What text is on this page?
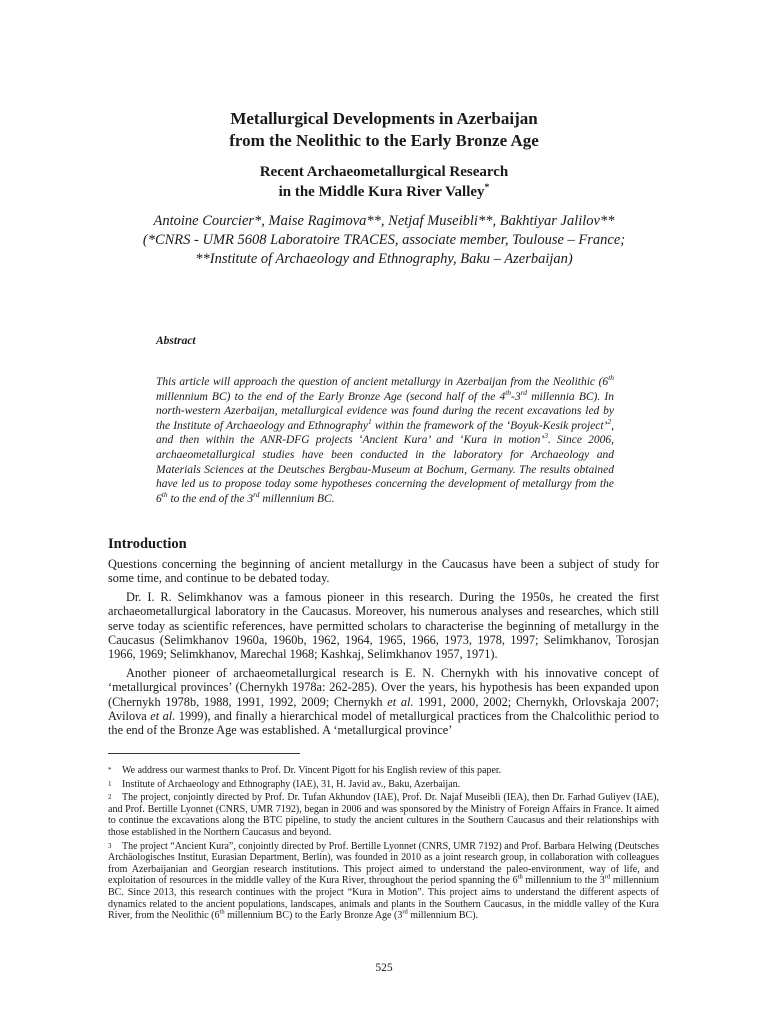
Metallurgical Developments in Azerbaijan
from the Neolithic to the Early Bronze Age
Recent Archaeometallurgical Research
in the Middle Kura River Valley*
Antoine Courcier*, Maise Ragimova**, Netjaf Museibli**, Bakhtiyar Jalilov**
(*CNRS - UMR 5608 Laboratoire TRACES, associate member, Toulouse – France;
**Institute of Archaeology and Ethnography, Baku – Azerbaijan)
Abstract
This article will approach the question of ancient metallurgy in Azerbaijan from the Neolithic (6th millennium BC) to the end of the Early Bronze Age (second half of the 4th-3rd millennia BC). In north-western Azerbaijan, metallurgical evidence was found during the recent excavations led by the Institute of Archaeology and Ethnography$^1$ within the framework of the ‘Boyuk-Kesik project’$^2$, and then within the ANR-DFG projects ‘Ancient Kura’ and ‘Kura in motion’$^3$. Since 2006, archaeometallurgical studies have been conducted in the laboratory for Archaeology and Materials Sciences at the Deutsches Bergbau-Museum at Bochum, Germany. The results obtained have led us to propose today some hypotheses concerning the development of metallurgy from the 6th to the end of the 3rd millennium BC.
Introduction

Questions concerning the beginning of ancient metallurgy in the Caucasus have been a subject of study for some time, and continue to be debated today.

Dr. I. R. Selimkhanov was a famous pioneer in this research. During the 1950s, he created the first archaeometallurgical laboratory in the Caucasus. Moreover, his numerous analyses and researches, which still serve today as scientific references, have permitted scholars to characterise the beginning of metallurgy in the Caucasus (Selimkhanov 1960a, 1960b, 1962, 1964, 1965, 1966, 1973, 1978, 1997; Selimkhanov, Torosjan 1966, 1969; Selimkhanov, Marechal 1968; Kashkaj, Selimkhanov 1957, 1971).

Another pioneer of archaeometallurgical research is E. N. Chernykh with his innovative concept of ‘metallurgical provinces’ (Chernykh 1978a: 262-285). Over the years, his hypothesis has been expanded upon (Chernykh 1978b, 1988, 1991, 1992, 2009; Chernykh et al. 1991, 2000, 2002; Chernykh, Orlovskaja 2007; Avilova et al. 1999), and finally a hierarchical model of metallurgical practices from the Chalcolithic period to the end of the Bronze Age was established. A ‘metallurgical province’

* We address our warmest thanks to Prof. Dr. Vincent Pigott for his English review of this paper.

1 Institute of Archaeology and Ethnography (IAE), 31, H. Javid av., Baku, Azerbaijan.

2 The project, conjointly directed by Prof. Dr. Tufan Akhundov (IAE), Prof. Dr. Najaf Museibli (IEA), then Dr. Farhad Guliyev (IAE), and Prof. Bertille Lyonnet (CNRS, UMR 7192), began in 2006 and was sponsored by the Ministry of Foreign Affairs in France. It aimed to continue the excavations along the BTC pipeline, to study the ancient cultures in the Southern Caucasus and their relationships with those established in the Northern Caucasus and beyond.

3 The project “Ancient Kura”, conjointly directed by Prof. Bertille Lyonnet (CNRS, UMR 7192) and Prof. Barbara Helwing (Deutsches Archäologisches Institut, Eurasian Department, Berlin), was founded in 2010 as a joint research group, in collaboration with colleagues from Azerbaijanian and Georgian research institutions. This project aimed to understand the paleo-environment, way of life, and exploitation of resources in the middle valley of the Kura River, throughout the period spanning the 6th millennium to the 3rd millennium BC. Since 2013, this research continues with the project “Kura in Motion”. This project aims to understand the different aspects of dynamics related to the ancient populations, landscapes, animals and plants in the Southern Caucasus, in the middle valley of the Kura River, from the Neolithic (6th millennium BC) to the Early Bronze Age (3rd millennium BC).

525
